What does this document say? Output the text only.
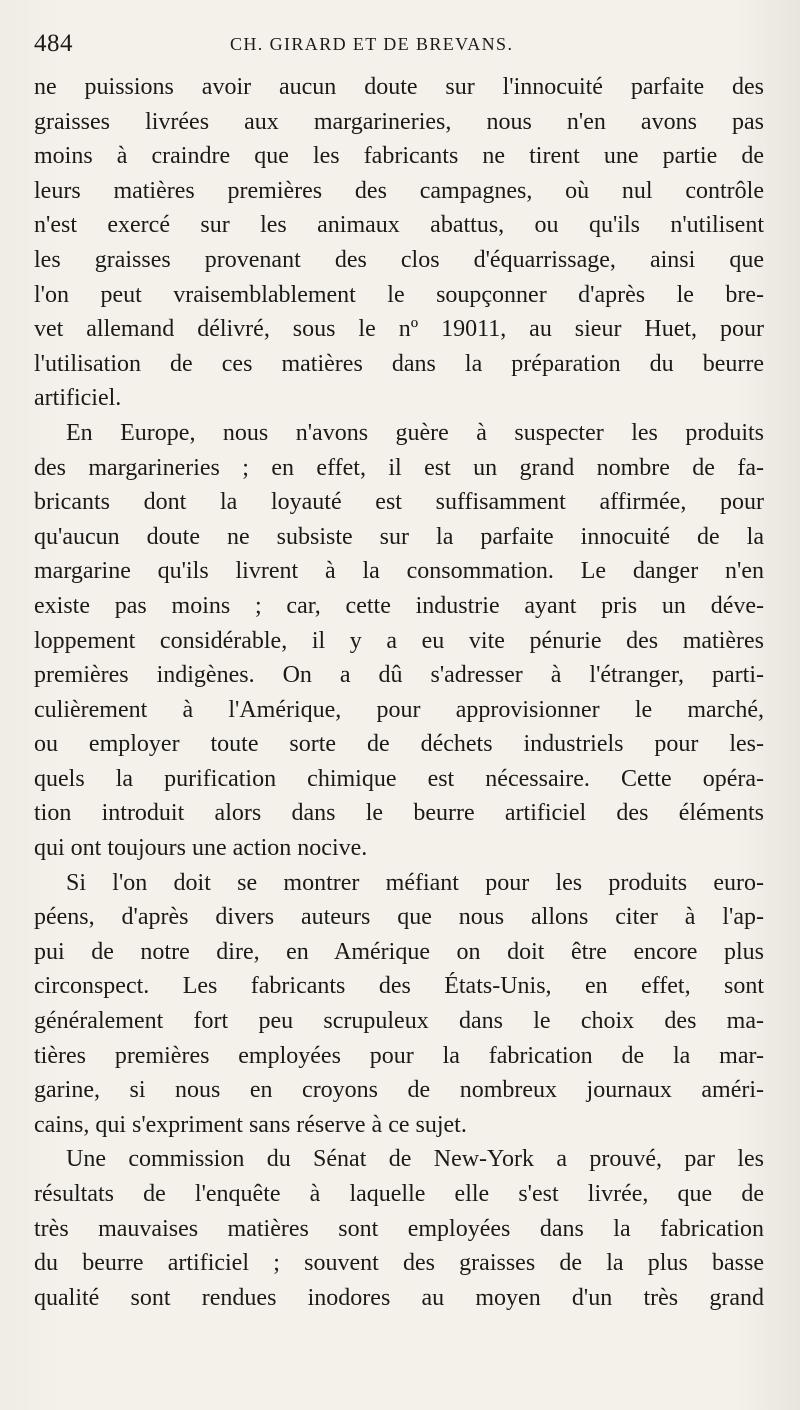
484	CH. GIRARD ET DE BREVANS.
ne puissions avoir aucun doute sur l'innocuité parfaite des
graisses livrées aux margarineries, nous n'en avons pas
moins à craindre que les fabricants ne tirent une partie de
leurs matières premières des campagnes, où nul contrôle
n'est exercé sur les animaux abattus, ou qu'ils n'utilisent
les graisses provenant des clos d'équarrissage, ainsi que
l'on peut vraisemblablement le soupçonner d'après le bre-
vet allemand délivré, sous le nº 19011, au sieur Huet, pour
l'utilisation de ces matières dans la préparation du beurre
artificiel.
En Europe, nous n'avons guère à suspecter les produits
des margarineries ; en effet, il est un grand nombre de fa-
bricants dont la loyauté est suffisamment affirmée, pour
qu'aucun doute ne subsiste sur la parfaite innocuité de la
margarine qu'ils livrent à la consommation. Le danger n'en
existe pas moins ; car, cette industrie ayant pris un déve-
loppement considérable, il y a eu vite pénurie des matières
premières indigènes. On a dû s'adresser à l'étranger, parti-
culièrement à l'Amérique, pour approvisionner le marché,
ou employer toute sorte de déchets industriels pour les-
quels la purification chimique est nécessaire. Cette opéra-
tion introduit alors dans le beurre artificiel des éléments
qui ont toujours une action nocive.
Si l'on doit se montrer méfiant pour les produits euro-
péens, d'après divers auteurs que nous allons citer à l'ap-
pui de notre dire, en Amérique on doit être encore plus
circonspect. Les fabricants des États-Unis, en effet, sont
généralement fort peu scrupuleux dans le choix des ma-
tières premières employées pour la fabrication de la mar-
garine, si nous en croyons de nombreux journaux améri-
cains, qui s'expriment sans réserve à ce sujet.
Une commission du Sénat de New-York a prouvé, par les
résultats de l'enquête à laquelle elle s'est livrée, que de
très mauvaises matières sont employées dans la fabrication
du beurre artificiel ; souvent des graisses de la plus basse
qualité sont rendues inodores au moyen d'un très grand
